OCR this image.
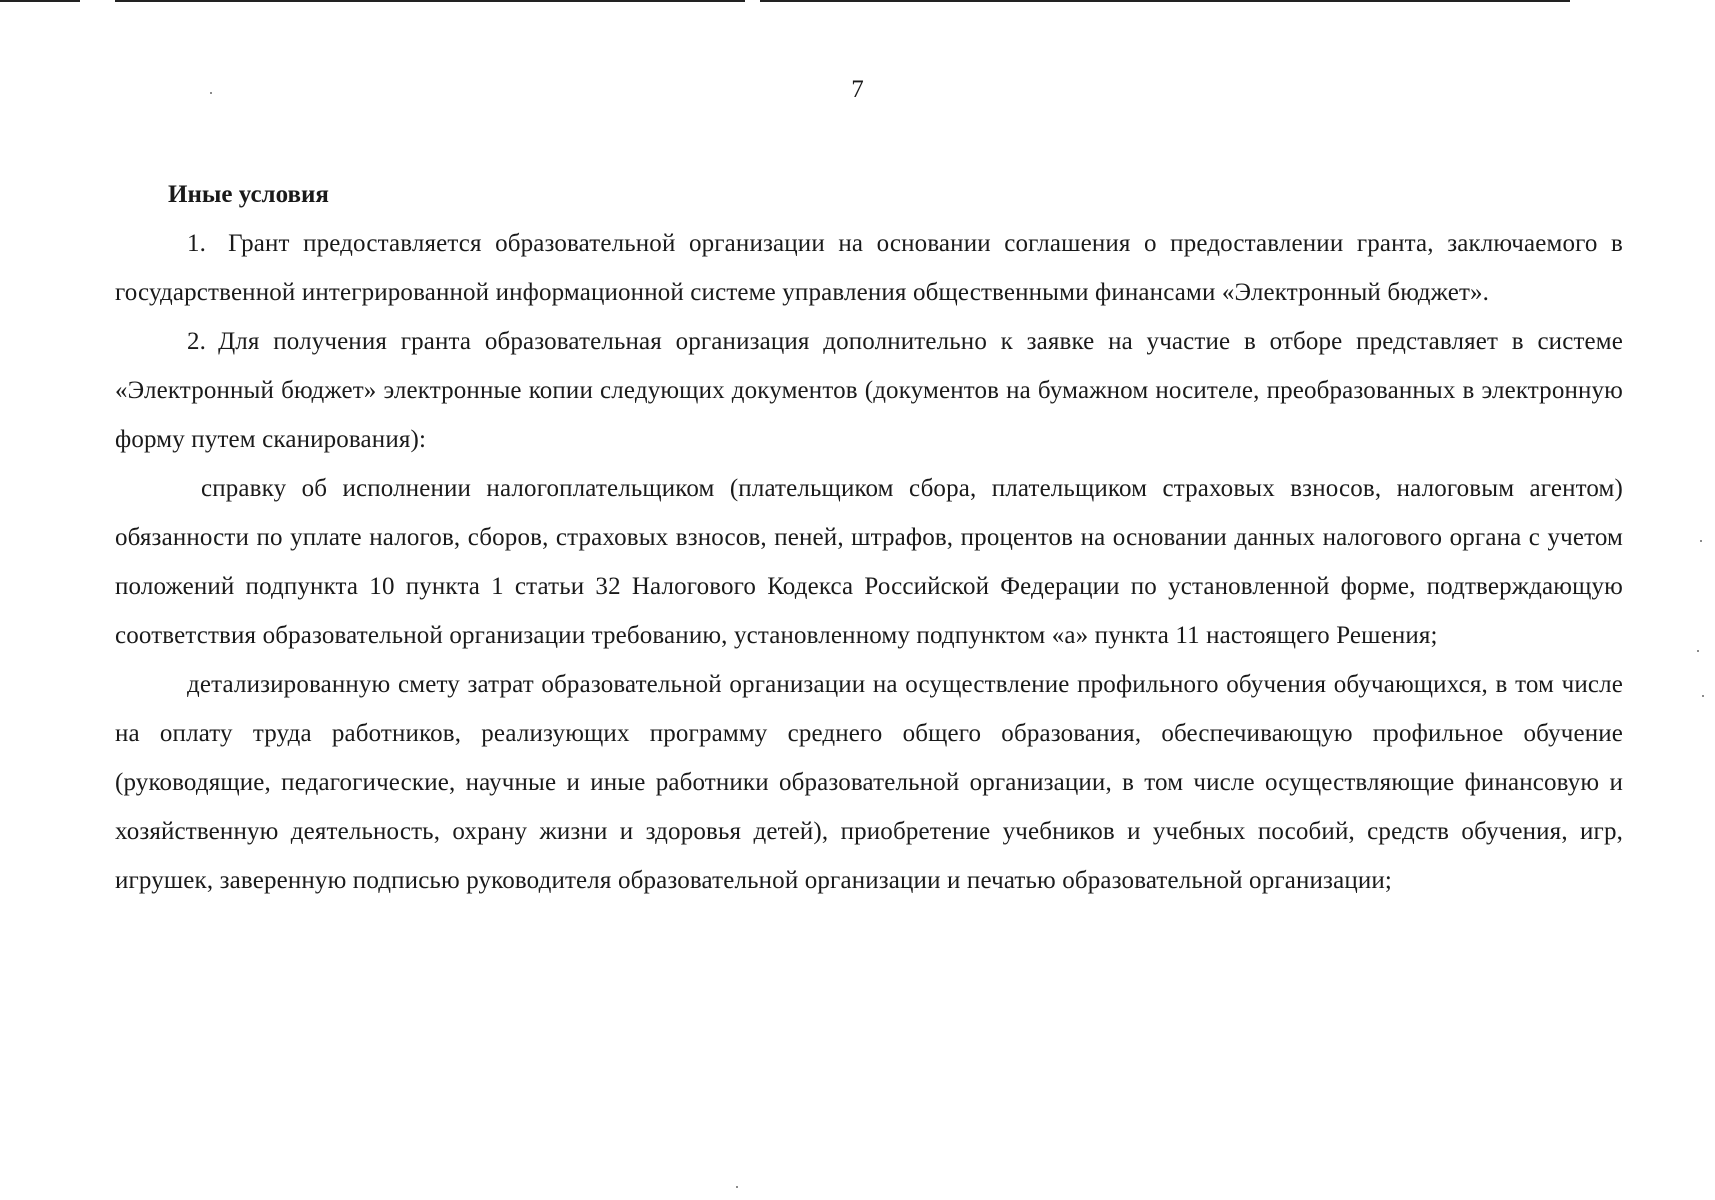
7
Иные условия

1. Грант предоставляется образовательной организации на основании соглашения о предоставлении гранта, заключаемого в государственной интегрированной информационной системе управления общественными финансами «Электронный бюджет».

2. Для получения гранта образовательная организация дополнительно к заявке на участие в отборе представляет в системе «Электронный бюджет» электронные копии следующих документов (документов на бумажном носителе, преобразованных в электронную форму путем сканирования):

справку об исполнении налогоплательщиком (плательщиком сбора, плательщиком страховых взносов, налоговым агентом) обязанности по уплате налогов, сборов, страховых взносов, пеней, штрафов, процентов на основании данных налогового органа с учетом положений подпункта 10 пункта 1 статьи 32 Налогового Кодекса Российской Федерации по установленной форме, подтверждающую соответствия образовательной организации требованию, установленному подпунктом «а» пункта 11 настоящего Решения;

детализированную смету затрат образовательной организации на осуществление профильного обучения обучающихся, в том числе на оплату труда работников, реализующих программу среднего общего образования, обеспечивающую профильное обучение (руководящие, педагогические, научные и иные работники образовательной организации, в том числе осуществляющие финансовую и хозяйственную деятельность, охрану жизни и здоровья детей), приобретение учебников и учебных пособий, средств обучения, игр, игрушек, заверенную подписью руководителя образовательной организации и печатью образовательной организации;
